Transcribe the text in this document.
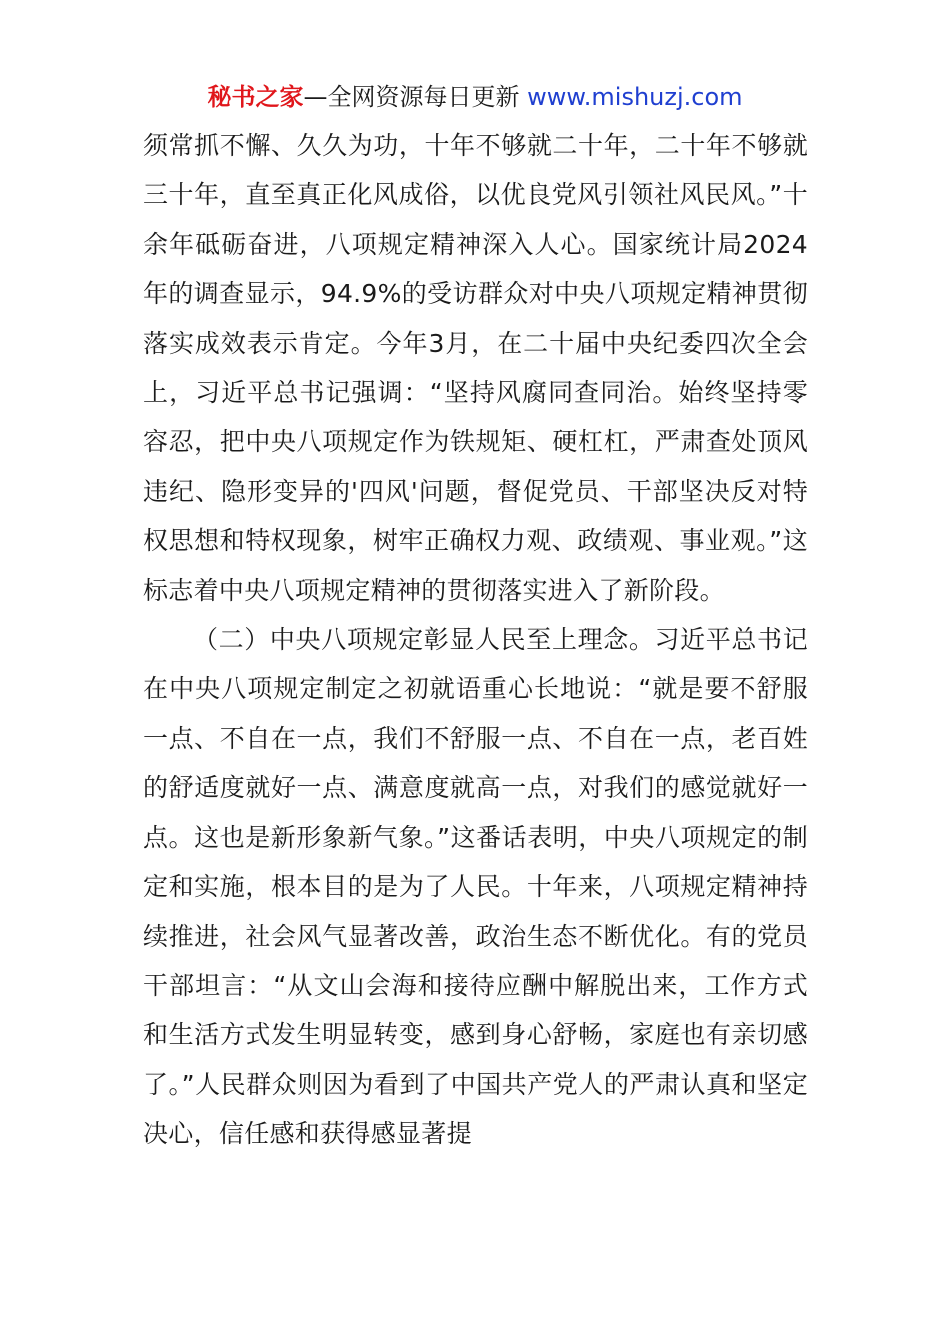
秘书之家—全网资源每日更新 www.mishuzj.com

须常抓不懈、久久为功，十年不够就二十年，二十年不够就三十年，直至真正化风成俗，以优良党风引领社风民风。”十余年砥砺奋进，八项规定精神深入人心。国家统计局2024年的调查显示，94.9%的受访群众对中央八项规定精神贯彻落实成效表示肯定。今年3月，在二十届中央纪委四次全会上，习近平总书记强调：“坚持风腐同查同治。始终坚持零容忍，把中央八项规定作为铁规矩、硬杠杠，严肃查处顶风违纪、隐形变异的'四风'问题，督促党员、干部坚决反对特权思想和特权现象，树牢正确权力观、政绩观、事业观。”这标志着中央八项规定精神的贯彻落实进入了新阶段。

（二）中央八项规定彰显人民至上理念。习近平总书记在中央八项规定制定之初就语重心长地说：“就是要不舒服一点、不自在一点，我们不舒服一点、不自在一点，老百姓的舒适度就好一点、满意度就高一点，对我们的感觉就好一点。这也是新形象新气象。”这番话表明，中央八项规定的制定和实施，根本目的是为了人民。十年来，八项规定精神持续推进，社会风气显著改善，政治生态不断优化。有的党员干部坦言：“从文山会海和接待应酬中解脱出来，工作方式和生活方式发生明显转变，感到身心舒畅，家庭也有亲切感了。”人民群众则因为看到了中国共产党人的严肃认真和坚定决心，信任感和获得感显著提
